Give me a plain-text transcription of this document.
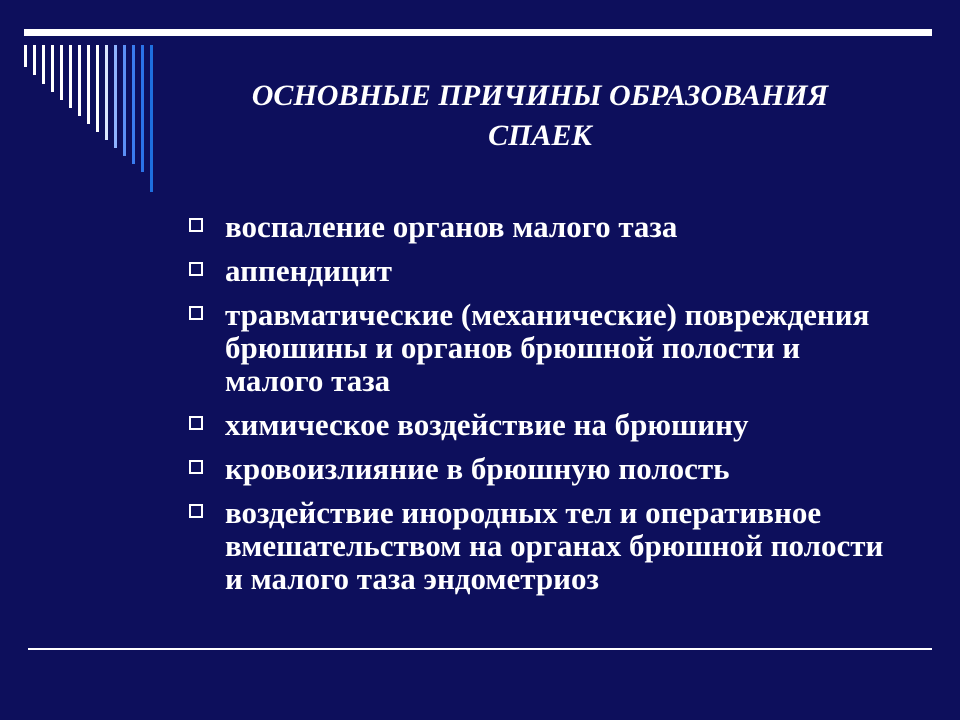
ОСНОВНЫЕ ПРИЧИНЫ ОБРАЗОВАНИЯ
СПАЕК
воспаление органов малого таза
аппендицит
травматические (механические) повреждения брюшины и органов брюшной полости и малого таза
химическое воздействие на брюшину
кровоизлияние в брюшную полость
воздействие инородных тел и оперативное вмешательством на органах брюшной полости и малого таза эндометриоз
